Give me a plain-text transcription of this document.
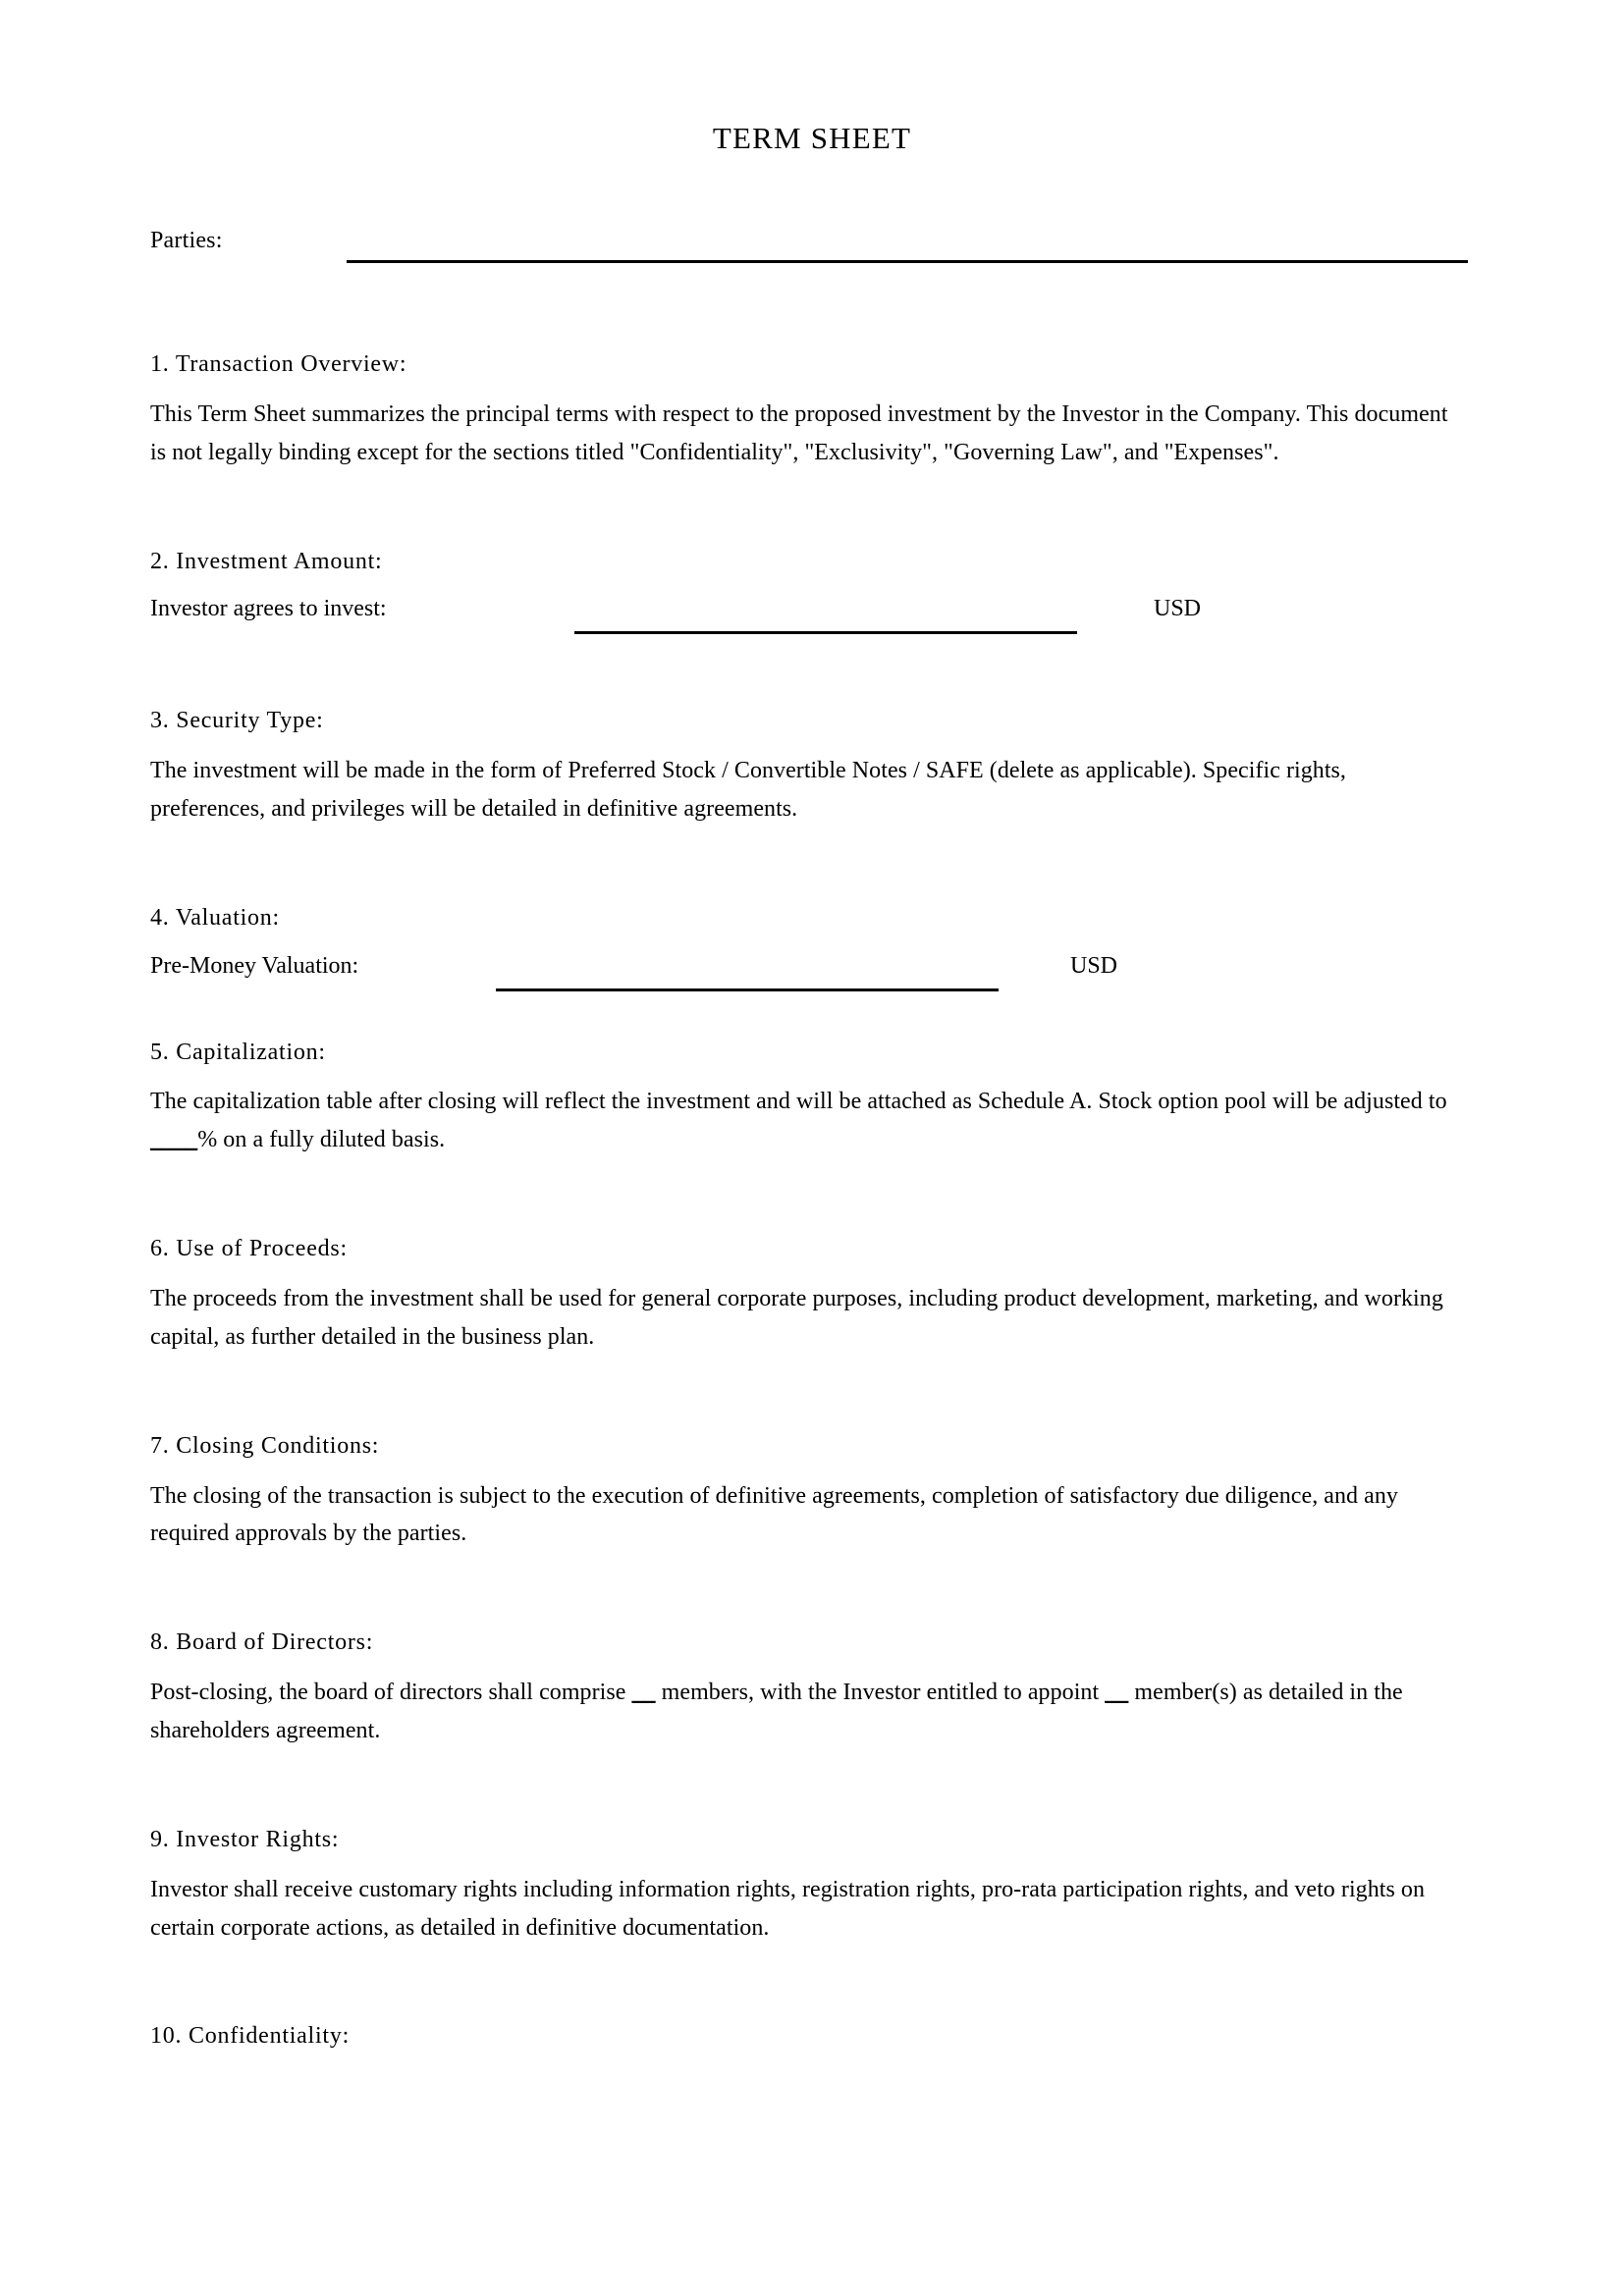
TERM SHEET
Parties:
1. Transaction Overview:
This Term Sheet summarizes the principal terms with respect to the proposed investment by the Investor in the Company. This document is not legally binding except for the sections titled "Confidentiality", "Exclusivity", "Governing Law", and "Expenses".
2. Investment Amount:
Investor agrees to invest:	USD
3. Security Type:
The investment will be made in the form of Preferred Stock / Convertible Notes / SAFE (delete as applicable). Specific rights, preferences, and privileges will be detailed in definitive agreements.
4. Valuation:
Pre-Money Valuation:	USD
5. Capitalization:
The capitalization table after closing will reflect the investment and will be attached as Schedule A. Stock option pool will be adjusted to ____% on a fully diluted basis.
6. Use of Proceeds:
The proceeds from the investment shall be used for general corporate purposes, including product development, marketing, and working capital, as further detailed in the business plan.
7. Closing Conditions:
The closing of the transaction is subject to the execution of definitive agreements, completion of satisfactory due diligence, and any required approvals by the parties.
8. Board of Directors:
Post-closing, the board of directors shall comprise __ members, with the Investor entitled to appoint __ member(s) as detailed in the shareholders agreement.
9. Investor Rights:
Investor shall receive customary rights including information rights, registration rights, pro-rata participation rights, and veto rights on certain corporate actions, as detailed in definitive documentation.
10. Confidentiality:
